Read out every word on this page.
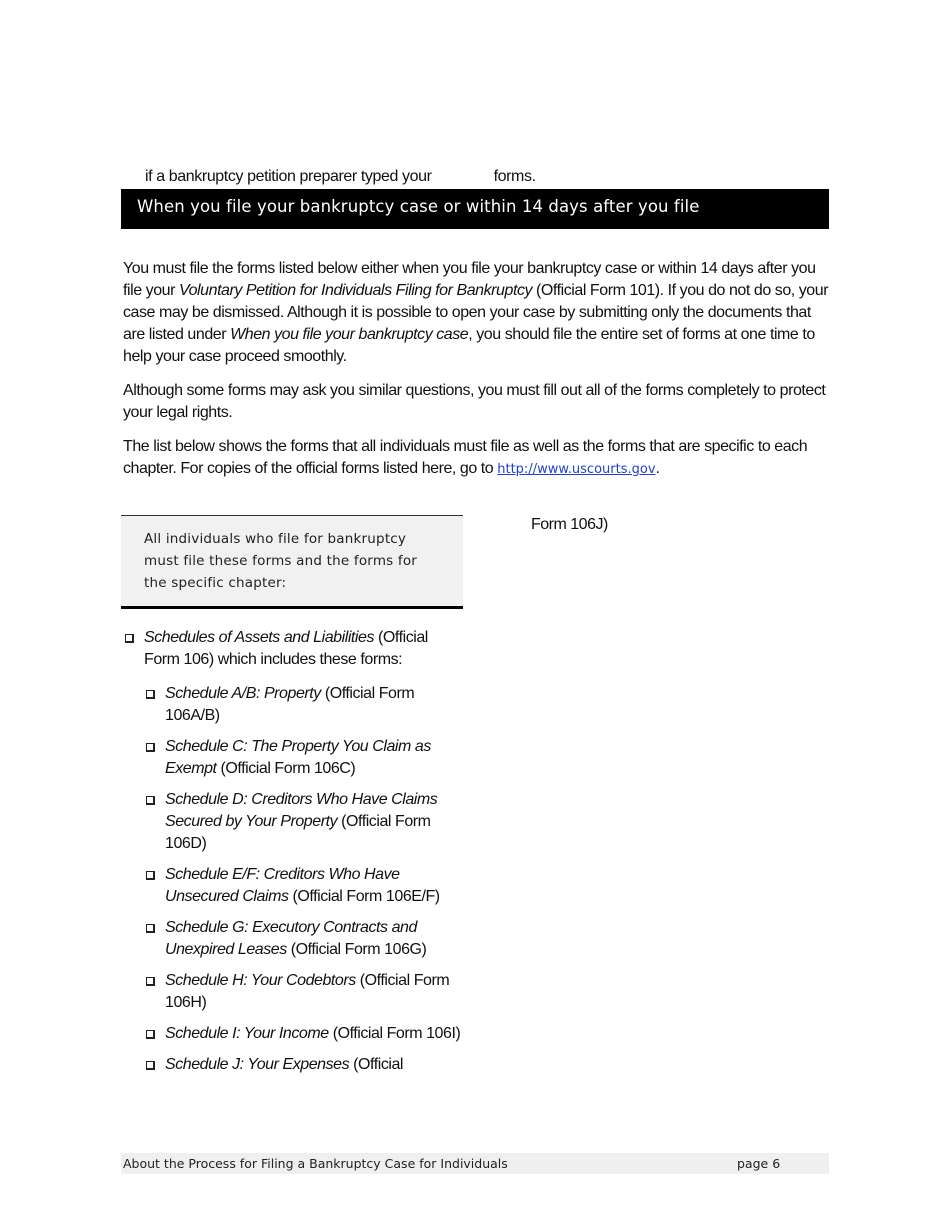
if a bankruptcy petition preparer typed your	forms.
When you file your bankruptcy case or within 14 days after you file

You must file the forms listed below either when you file your bankruptcy case or within 14 days after you file your Voluntary Petition for Individuals Filing for Bankruptcy (Official Form 101). If you do not do so, your case may be dismissed. Although it is possible to open your case by submitting only the documents that are listed under When you file your bankruptcy case, you should file the entire set of forms at one time to help your case proceed smoothly.

Although some forms may ask you similar questions, you must fill out all of the forms completely to protect your legal rights.

The list below shows the forms that all individuals must file as well as the forms that are specific to each chapter. For copies of the official forms listed here, go to http://www.uscourts.gov.

All individuals who file for bankruptcy must file these forms and the forms for the specific chapter:
Form 106J)
Schedules of Assets and Liabilities (Official Form 106) which includes these forms:
Schedule A/B: Property (Official Form 106A/B)
Schedule C: The Property You Claim as Exempt (Official Form 106C)
Schedule D: Creditors Who Have Claims Secured by Your Property (Official Form 106D)
Schedule E/F: Creditors Who Have Unsecured Claims (Official Form 106E/F)
Schedule G: Executory Contracts and Unexpired Leases (Official Form 106G)
Schedule H: Your Codebtors (Official Form 106H)
Schedule I: Your Income (Official Form 106I)
Schedule J: Your Expenses (Official
About the Process for Filing a Bankruptcy Case for Individuals	page 6
